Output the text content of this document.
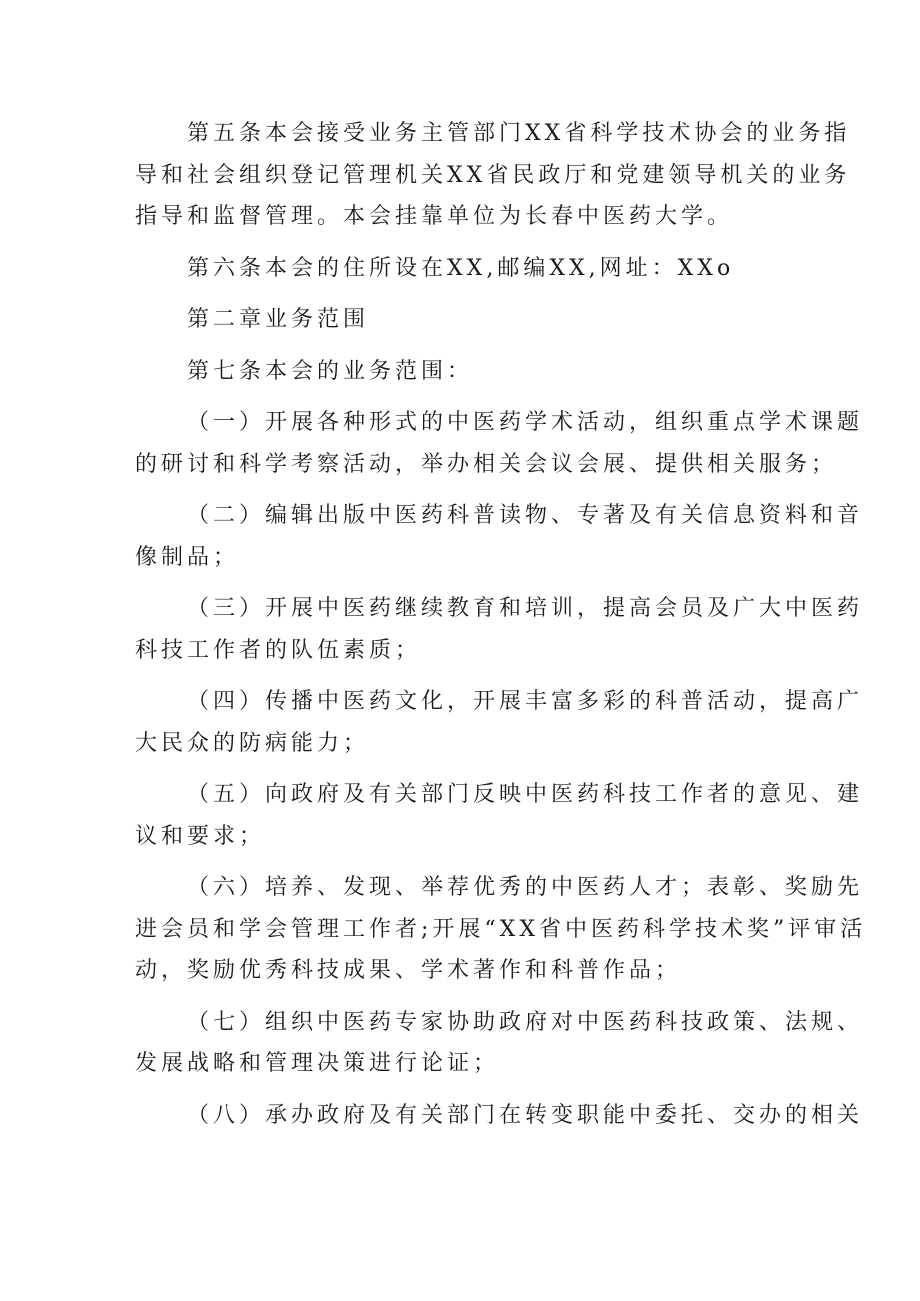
第五条本会接受业务主管部门XX省科学技术协会的业务指
导和社会组织登记管理机关XX省民政厅和党建领导机关的业务
指导和监督管理。本会挂靠单位为长春中医药大学。

第六条本会的住所设在XX,邮编XX,网址：XXo

第二章业务范围

第七条本会的业务范围：

（一）开展各种形式的中医药学术活动，组织重点学术课题
的研讨和科学考察活动，举办相关会议会展、提供相关服务；

（二）编辑出版中医药科普读物、专著及有关信息资料和音
像制品；

（三）开展中医药继续教育和培训，提高会员及广大中医药
科技工作者的队伍素质；

（四）传播中医药文化，开展丰富多彩的科普活动，提高广
大民众的防病能力；

（五）向政府及有关部门反映中医药科技工作者的意见、建
议和要求；

（六）培养、发现、举荐优秀的中医药人才；表彰、奖励先
进会员和学会管理工作者;开展“XX省中医药科学技术奖”评审活
动，奖励优秀科技成果、学术著作和科普作品；

（七）组织中医药专家协助政府对中医药科技政策、法规、
发展战略和管理决策进行论证；

（八）承办政府及有关部门在转变职能中委托、交办的相关
